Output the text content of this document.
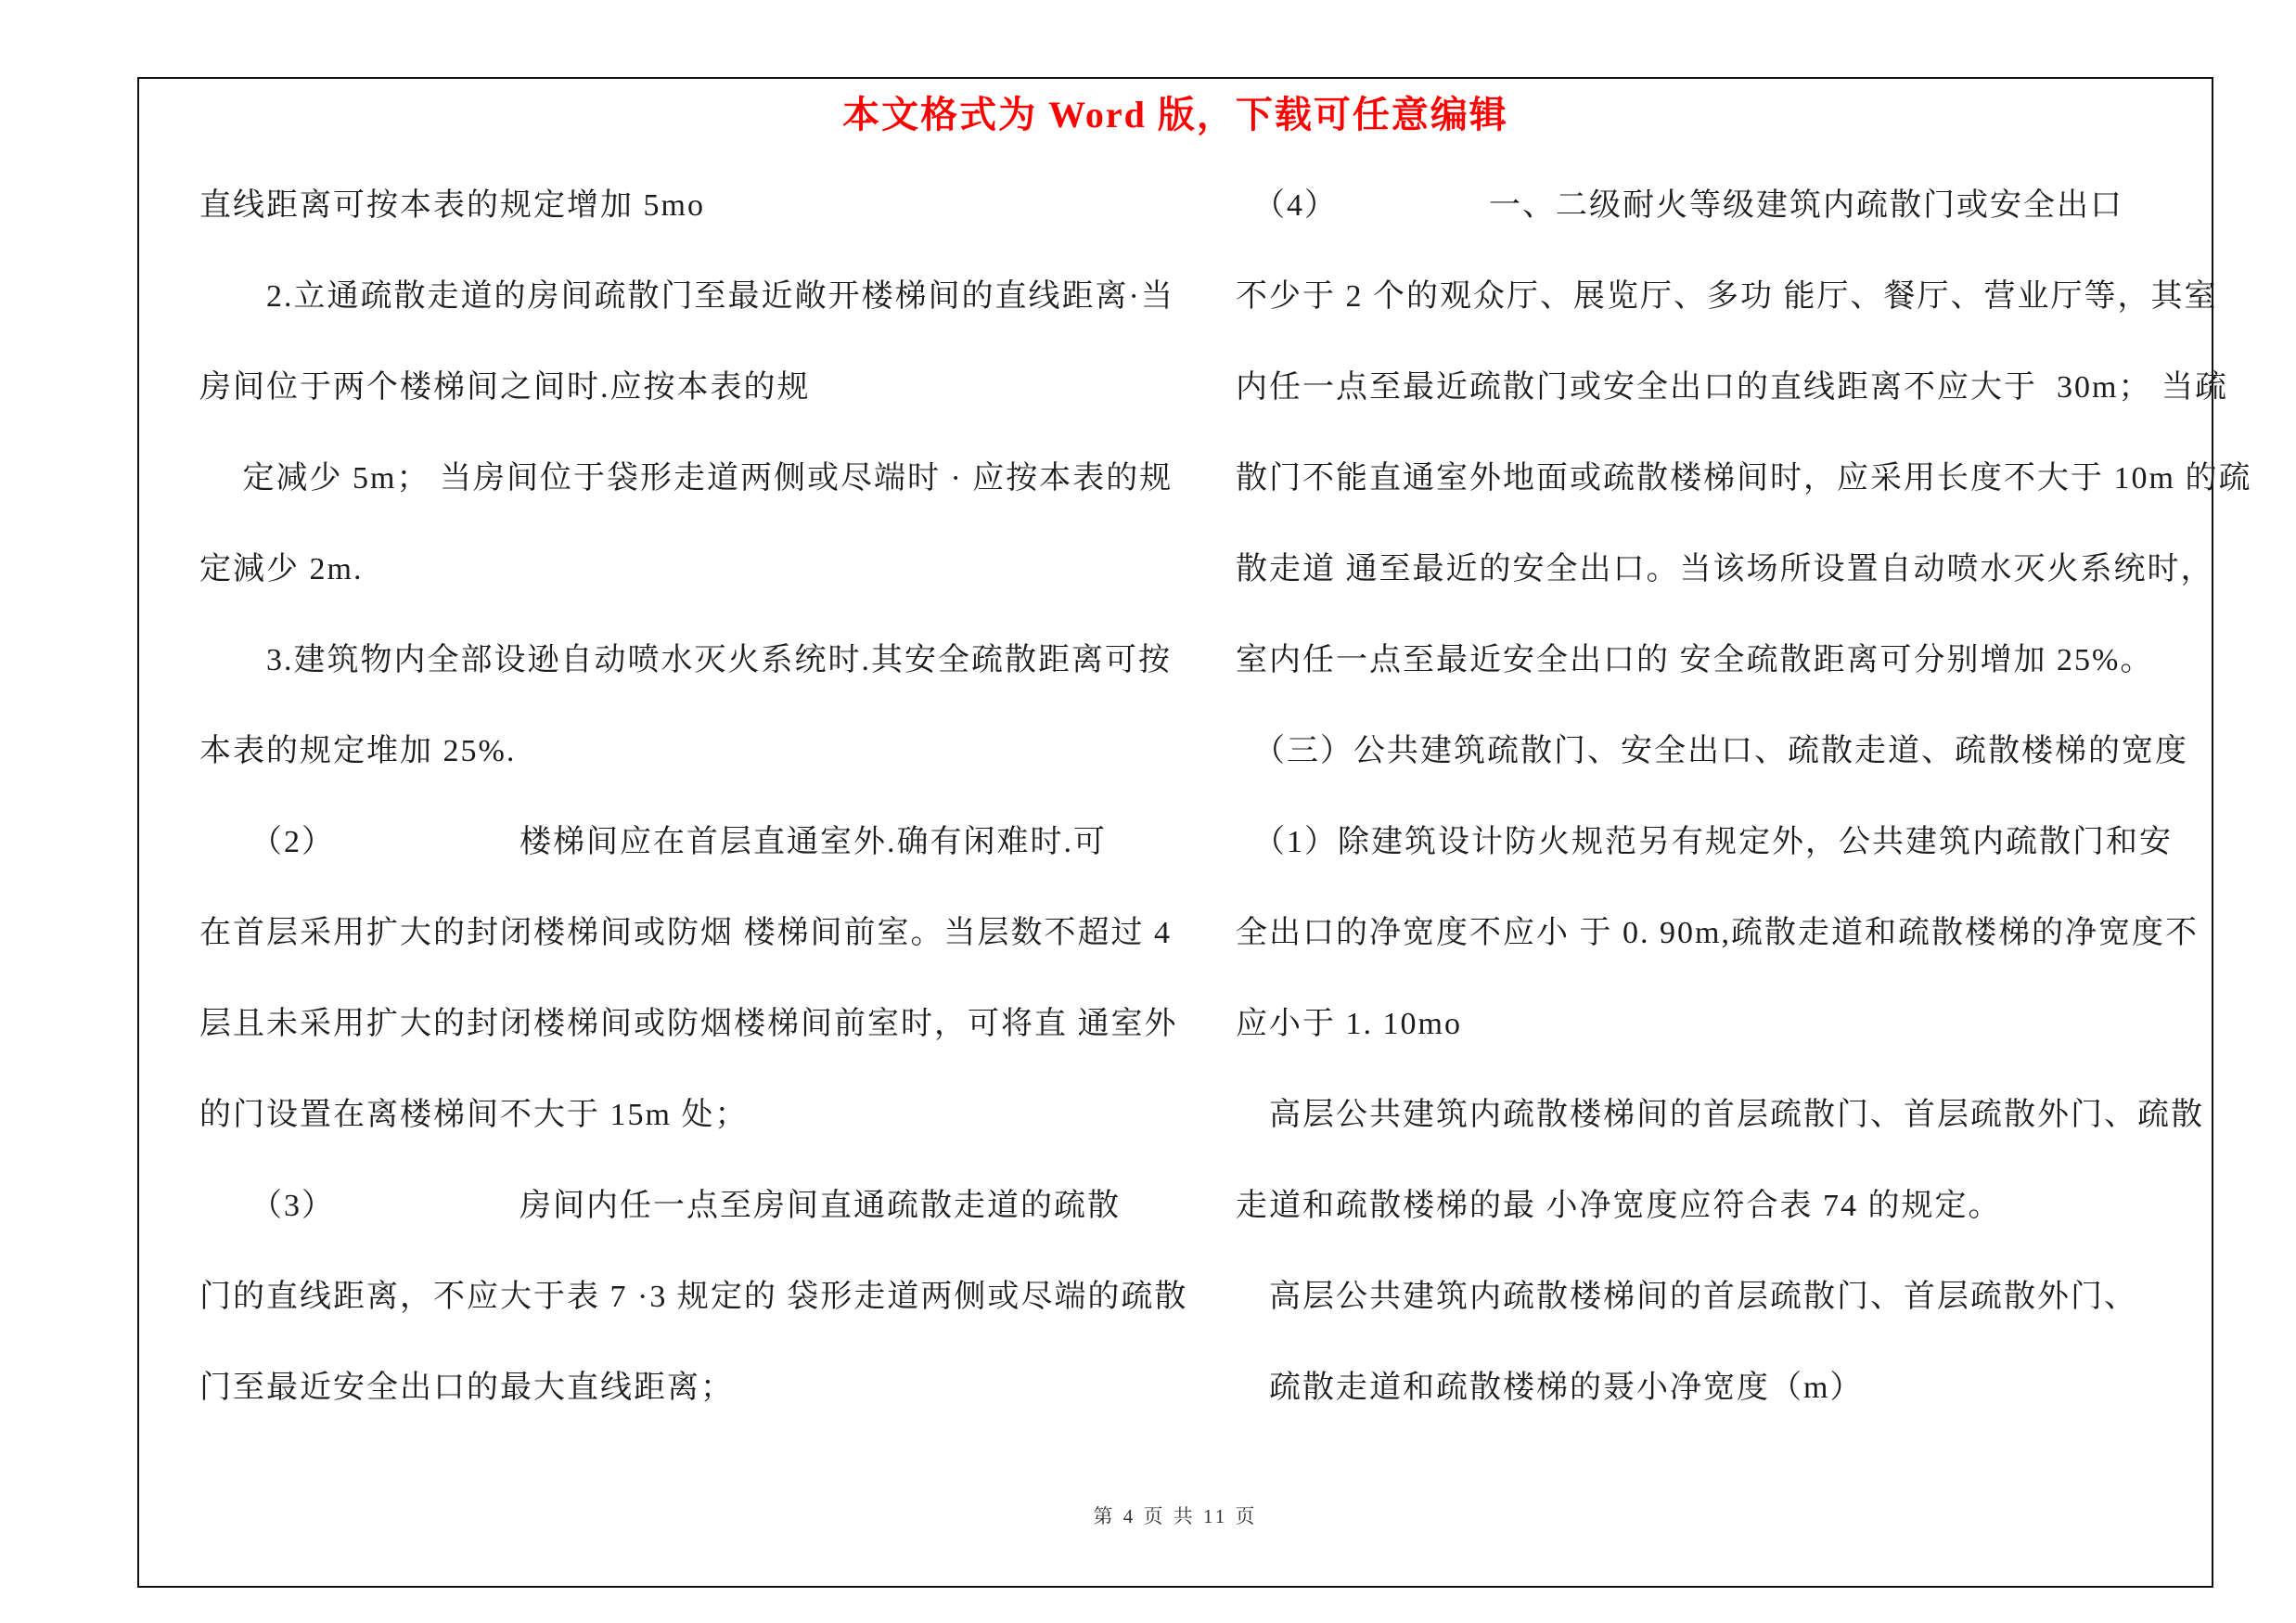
本文格式为 Word 版，下载可任意编辑
直线距离可按本表的规定增加 5mo
　　2.立通疏散走道的房间疏散门至最近敞开楼梯间的直线距离·当
房间位于两个楼梯间之间时.应按本表的规
　 定减少 5m； 当房间位于袋形走道两侧或尽端时 · 应按本表的规
定減少 2m.
　　3.建筑物内全部设逊自动喷水灭火系统时.其安全疏散距离可按
本表的规定堆加 25%.
　　（2）　　　　　　楼梯间应在首层直通室外.确有闲难时.可
在首层采用扩大的封闭楼梯间或防烟 楼梯间前室。当层数不超过 4
层且未采用扩大的封闭楼梯间或防烟楼梯间前室时，可将直 通室外
的门设置在离楼梯间不大于 15m 处；
　　（3）　　　　　　房间内任一点至房间直通疏散走道的疏散
门的直线距离，不应大于表 7 ·3 规定的 袋形走道两侧或尽端的疏散
门至最近安全出口的最大直线距离；
　（4）　　　　　一、二级耐火等级建筑内疏散门或安全出口
不少于 2 个的观众厅、展览厅、多功 能厅、餐厅、营业厅等，其室
内任一点至最近疏散门或安全出口的直线距离不应大于  30m； 当疏
散门不能直通室外地面或疏散楼梯间时，应采用长度不大于 10m 的疏
散走道 通至最近的安全出口。当该场所设置自动喷水灭火系统时，
室内任一点至最近安全出口的 安全疏散距离可分别增加 25%。
　（三）公共建筑疏散门、安全出口、疏散走道、疏散楼梯的宽度
　（1）除建筑设计防火规范另有规定外，公共建筑内疏散门和安
全出口的净宽度不应小 于 0. 90m,疏散走道和疏散楼梯的净宽度不
应小于 1. 10mo
　高层公共建筑内疏散楼梯间的首层疏散门、首层疏散外门、疏散
走道和疏散楼梯的最 小净宽度应符合表 74 的规定。
　高层公共建筑内疏散楼梯间的首层疏散门、首层疏散外门、
　疏散走道和疏散楼梯的聂小净宽度（m）
第 4 页 共 11 页
